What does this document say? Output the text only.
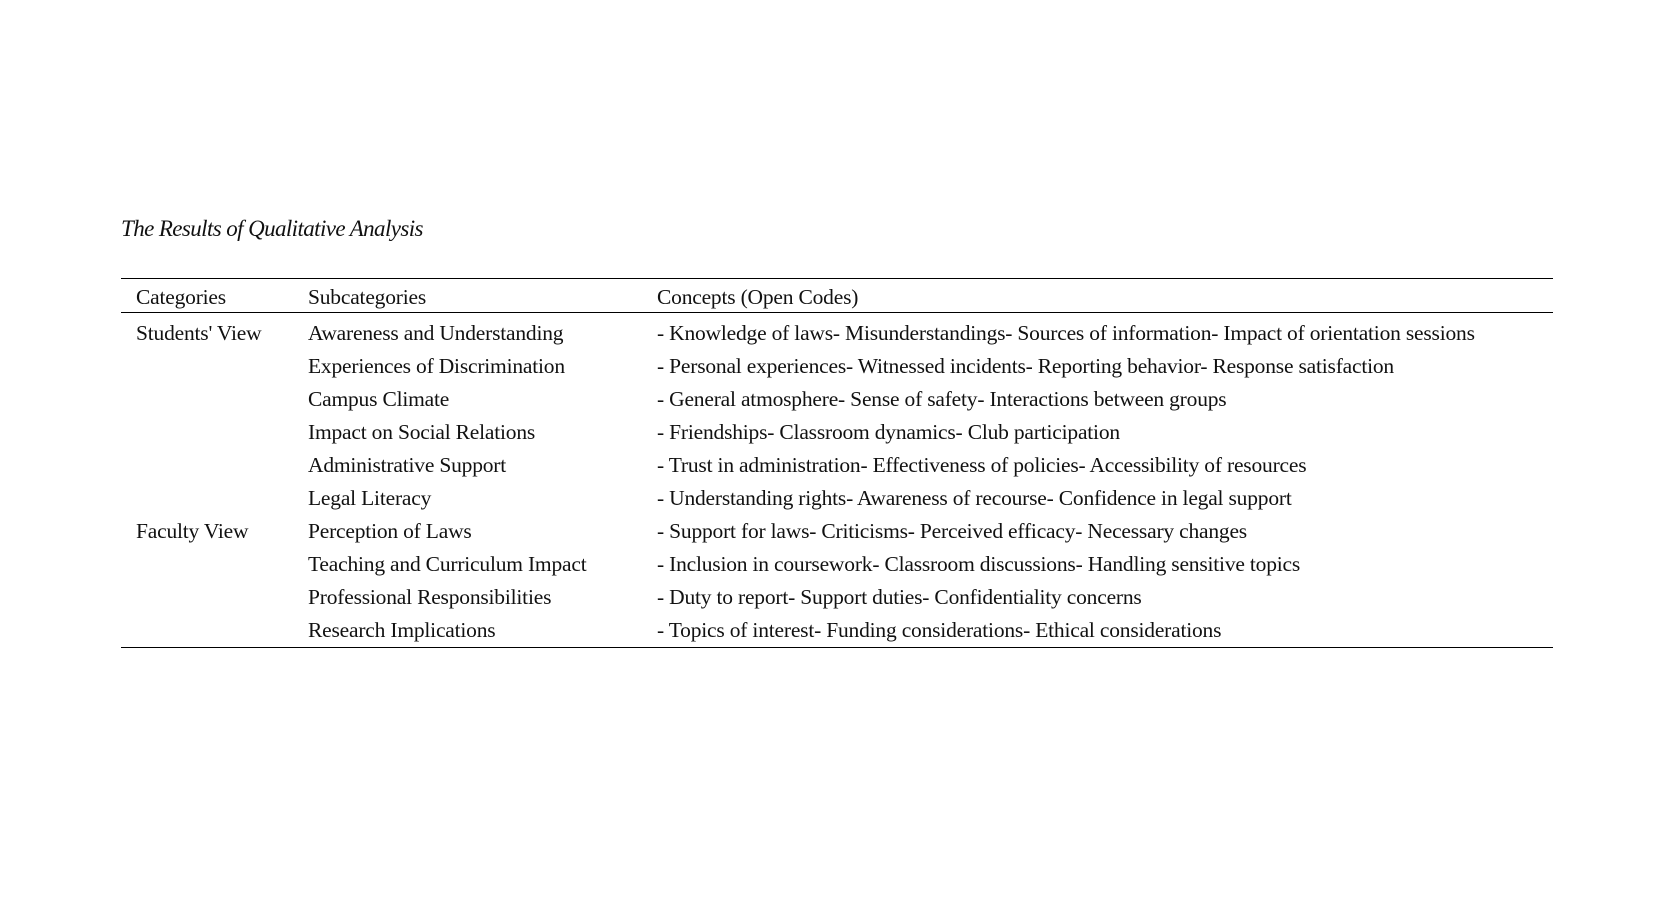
The Results of Qualitative Analysis
Categories	Subcategories	Concepts (Open Codes)
Students' View	Awareness and Understanding	- Knowledge of laws- Misunderstandings- Sources of information- Impact of orientation sessions
	Experiences of Discrimination	- Personal experiences- Witnessed incidents- Reporting behavior- Response satisfaction
	Campus Climate	- General atmosphere- Sense of safety- Interactions between groups
	Impact on Social Relations	- Friendships- Classroom dynamics- Club participation
	Administrative Support	- Trust in administration- Effectiveness of policies- Accessibility of resources
	Legal Literacy	- Understanding rights- Awareness of recourse- Confidence in legal support
Faculty View	Perception of Laws	- Support for laws- Criticisms- Perceived efficacy- Necessary changes
	Teaching and Curriculum Impact	- Inclusion in coursework- Classroom discussions- Handling sensitive topics
	Professional Responsibilities	- Duty to report- Support duties- Confidentiality concerns
	Research Implications	- Topics of interest- Funding considerations- Ethical considerations
